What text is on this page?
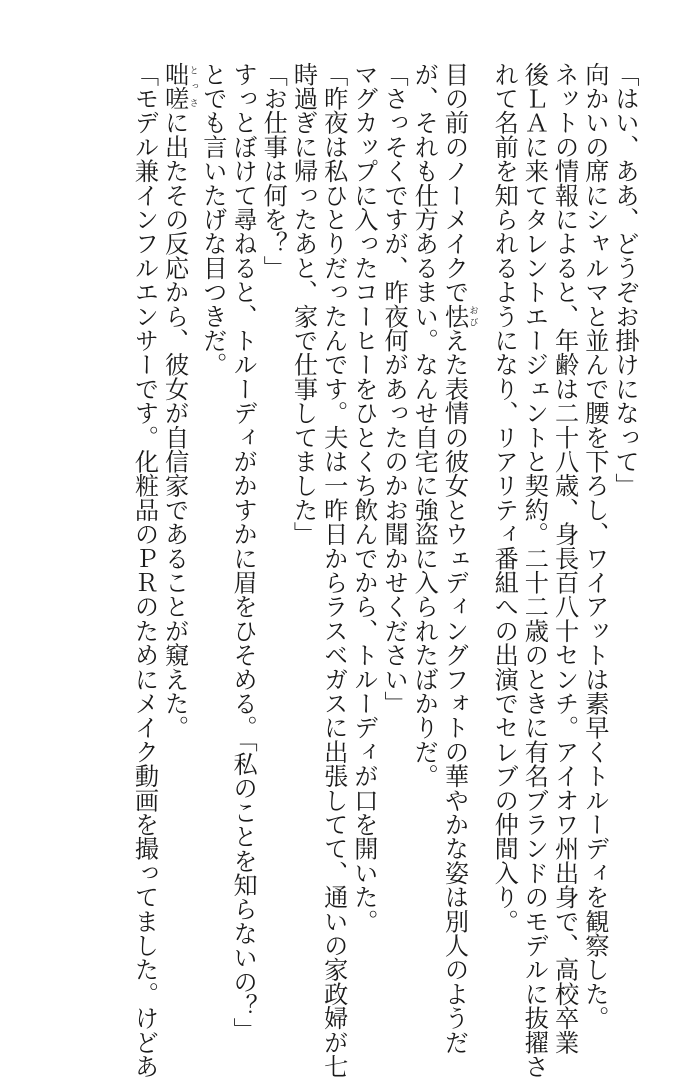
「はい、ああ、どうぞお掛けになって」
向かいの席にシャルマと並んで腰を下ろし、ワイアットは素早くトルーディを観察した。
ネットの情報によると、年齢は二十八歳、身長百八十センチ。アイオワ州出身で、高校卒業
後ＬＡに来てタレントエージェントと契約。二十二歳のときに有名ブランドのモデルに抜擢さ
れて名前を知られるようになり、リアリティ番組への出演でセレブの仲間入り。
目の前のノーメイクで怯 おびえた表情の彼女とウェディングフォトの華やかな姿は別人のようだ
が、それも仕方あるまい。なんせ自宅に強盗に入られたばかりだ。
「さっそくですが、昨夜何があったのかお聞かせください」
マグカップに入ったコーヒーをひとくち飲んでから、トルーディが口を開いた。
「昨夜は私ひとりだったんです。夫は一昨日からラスベガスに出張してて、通いの家政婦が七
時過ぎに帰ったあと、家で仕事してました」
「お仕事は何を？」
すっとぼけて尋ねると、トルーディがかすかに眉をひそめる。「私のことを知らないの？」
とでも言いたげな目つきだ。
咄嗟 とっさに出たその反応から、彼女が自信家であることが窺えた。
「モデル兼インフルエンサーです。化粧品のＰＲのためにメイク動画を撮ってました。けどあ
